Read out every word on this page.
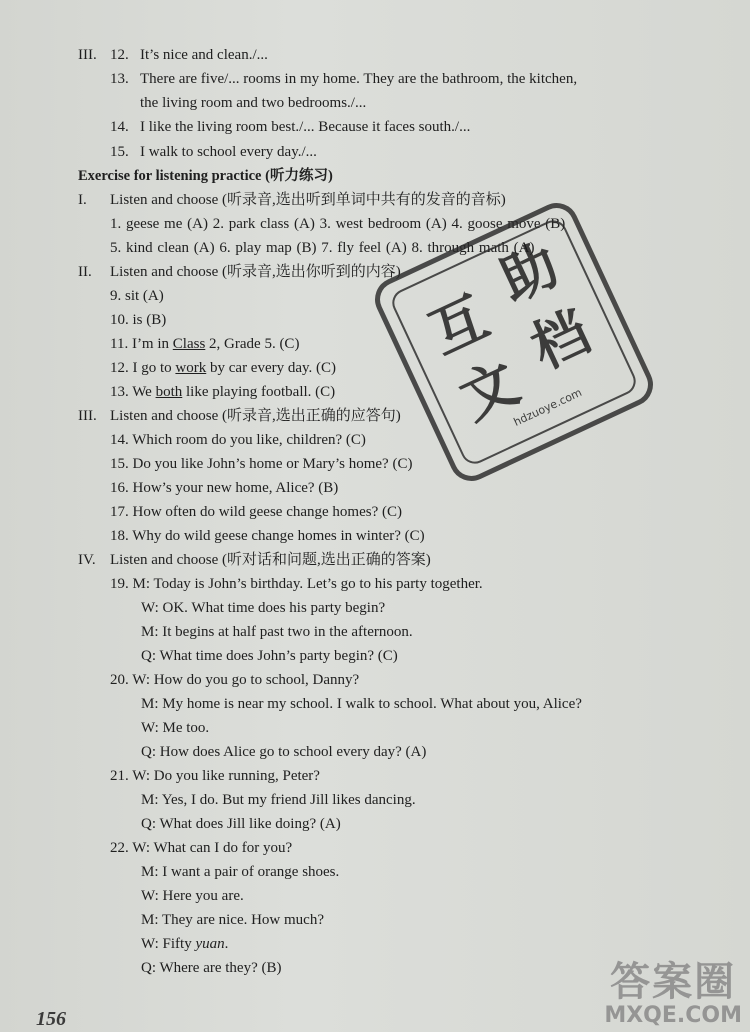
III. 12. It’s nice and clean./...
13. There are five/... rooms in my home. They are the bathroom, the kitchen,
the living room and two bedrooms./...
14. I like the living room best./... Because it faces south./...
15. I walk to school every day./...
Exercise for listening practice (听力练习)
I. Listen and choose (听录音,选出听到单词中共有的发音的音标)
1. geese me (A) 2. park class (A) 3. west bedroom (A) 4. goose move (B)
5. kind clean (A) 6. play map (B) 7. fly feel (A) 8. through math (A)
II. Listen and choose (听录音,选出你听到的内容)
9. sit (A)
10. is (B)
11. I’m in Class 2, Grade 5. (C)
12. I go to work by car every day. (C)
13. We both like playing football. (C)
III. Listen and choose (听录音,选出正确的应答句)
14. Which room do you like, children? (C)
15. Do you like John’s home or Mary’s home? (C)
16. How’s your new home, Alice? (B)
17. How often do wild geese change homes? (C)
18. Why do wild geese change homes in winter? (C)
IV. Listen and choose (听对话和问题,选出正确的答案)
19. M: Today is John’s birthday. Let’s go to his party together.
W: OK. What time does his party begin?
M: It begins at half past two in the afternoon.
Q: What time does John’s party begin? (C)
20. W: How do you go to school, Danny?
M: My home is near my school. I walk to school. What about you, Alice?
W: Me too.
Q: How does Alice go to school every day? (A)
21. W: Do you like running, Peter?
M: Yes, I do. But my friend Jill likes dancing.
Q: What does Jill like doing? (A)
22. W: What can I do for you?
M: I want a pair of orange shoes.
W: Here you are.
M: They are nice. How much?
W: Fifty yuan.
Q: Where are they? (B)
互
助
文
档
hdzuoye.com
156
答案圈
MXQE.COM
